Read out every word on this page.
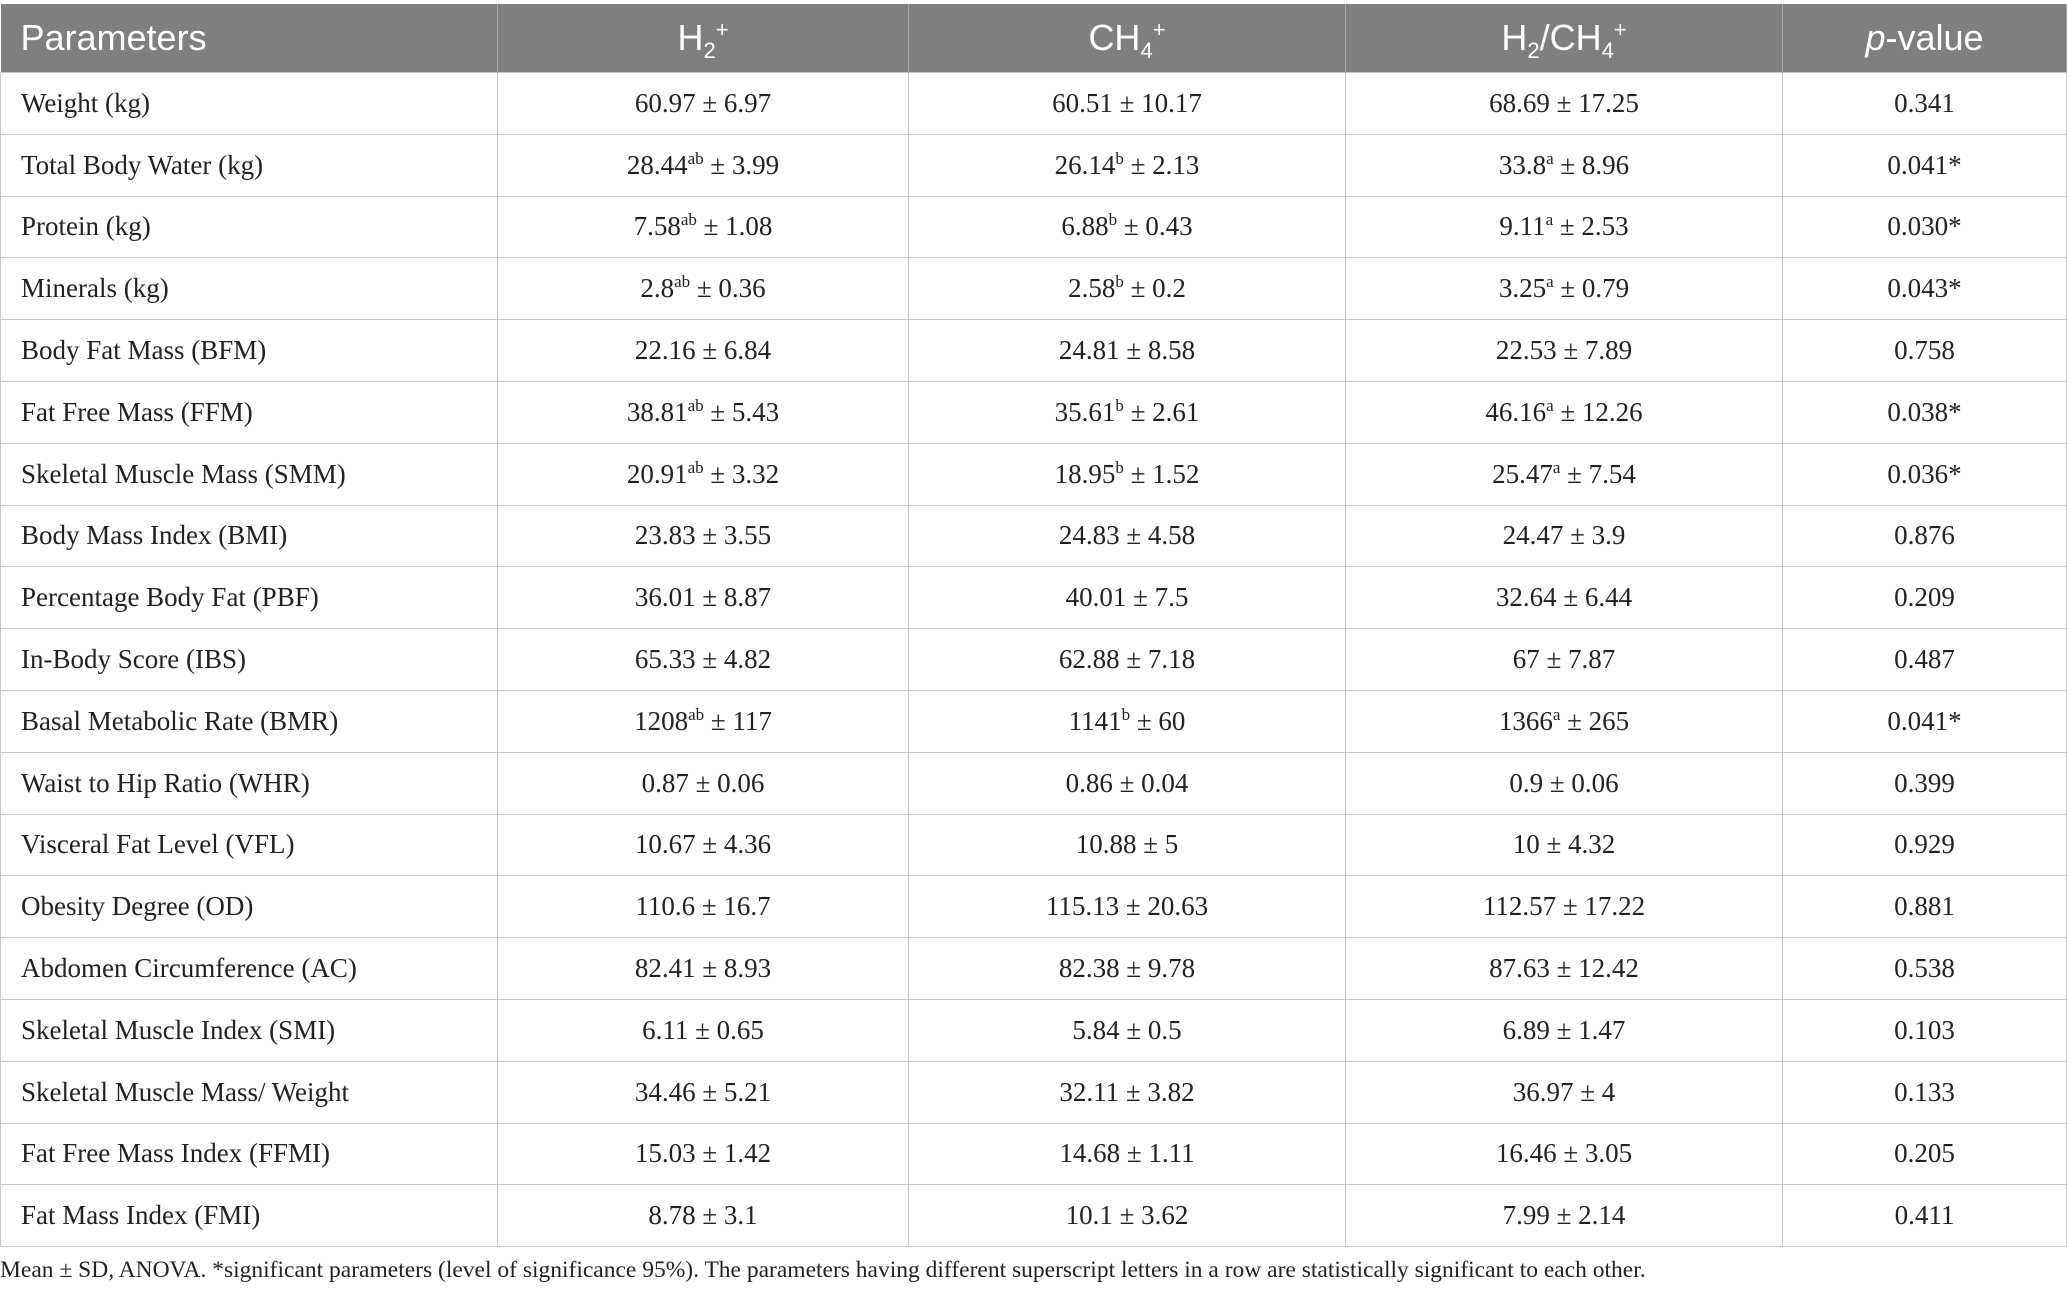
Parameters	$H_2^+$	$CH_4^+$	$H_2/CH_4^+$	p-value
Weight (kg)	60.97 ± 6.97	60.51 ± 10.17	68.69 ± 17.25	0.341
Total Body Water (kg)	28.44$^{ab}$ ± 3.99	26.14$^b$ ± 2.13	33.8$^a$ ± 8.96	0.041*
Protein (kg)	7.58$^{ab}$ ± 1.08	6.88$^b$ ± 0.43	9.11$^a$ ± 2.53	0.030*
Minerals (kg)	2.8$^{ab}$ ± 0.36	2.58$^b$ ± 0.2	3.25$^a$ ± 0.79	0.043*
Body Fat Mass (BFM)	22.16 ± 6.84	24.81 ± 8.58	22.53 ± 7.89	0.758
Fat Free Mass (FFM)	38.81$^{ab}$ ± 5.43	35.61$^b$ ± 2.61	46.16$^a$ ± 12.26	0.038*
Skeletal Muscle Mass (SMM)	20.91$^{ab}$ ± 3.32	18.95$^b$ ± 1.52	25.47$^a$ ± 7.54	0.036*
Body Mass Index (BMI)	23.83 ± 3.55	24.83 ± 4.58	24.47 ± 3.9	0.876
Percentage Body Fat (PBF)	36.01 ± 8.87	40.01 ± 7.5	32.64 ± 6.44	0.209
In-Body Score (IBS)	65.33 ± 4.82	62.88 ± 7.18	67 ± 7.87	0.487
Basal Metabolic Rate (BMR)	$1208^{ab} \pm 117$	$1141^b \pm 60$	$1366^a \pm 265$	0.041*
Waist to Hip Ratio (WHR)	0.87 ± 0.06	0.86 ± 0.04	0.9 ± 0.06	0.399
Visceral Fat Level (VFL)	10.67 ± 4.36	10.88 ± 5	10 ± 4.32	0.929
Obesity Degree (OD)	110.6 ± 16.7	115.13 ± 20.63	112.57 ± 17.22	0.881
Abdomen Circumference (AC)	82.41 ± 8.93	82.38 ± 9.78	87.63 ± 12.42	0.538
Skeletal Muscle Index (SMI)	6.11 ± 0.65	5.84 ± 0.5	6.89 ± 1.47	0.103
Skeletal Muscle Mass/ Weight	34.46 ± 5.21	32.11 ± 3.82	36.97 ± 4	0.133
Fat Free Mass Index (FFMI)	15.03 ± 1.42	14.68 ± 1.11	16.46 ± 3.05	0.205
Fat Mass Index (FMI)	8.78 ± 3.1	10.1 ± 3.62	7.99 ± 2.14	0.411
Mean ± SD, ANOVA. *significant parameters (level of significance 95%). The parameters having different superscript letters in a row are statistically significant to each other.
